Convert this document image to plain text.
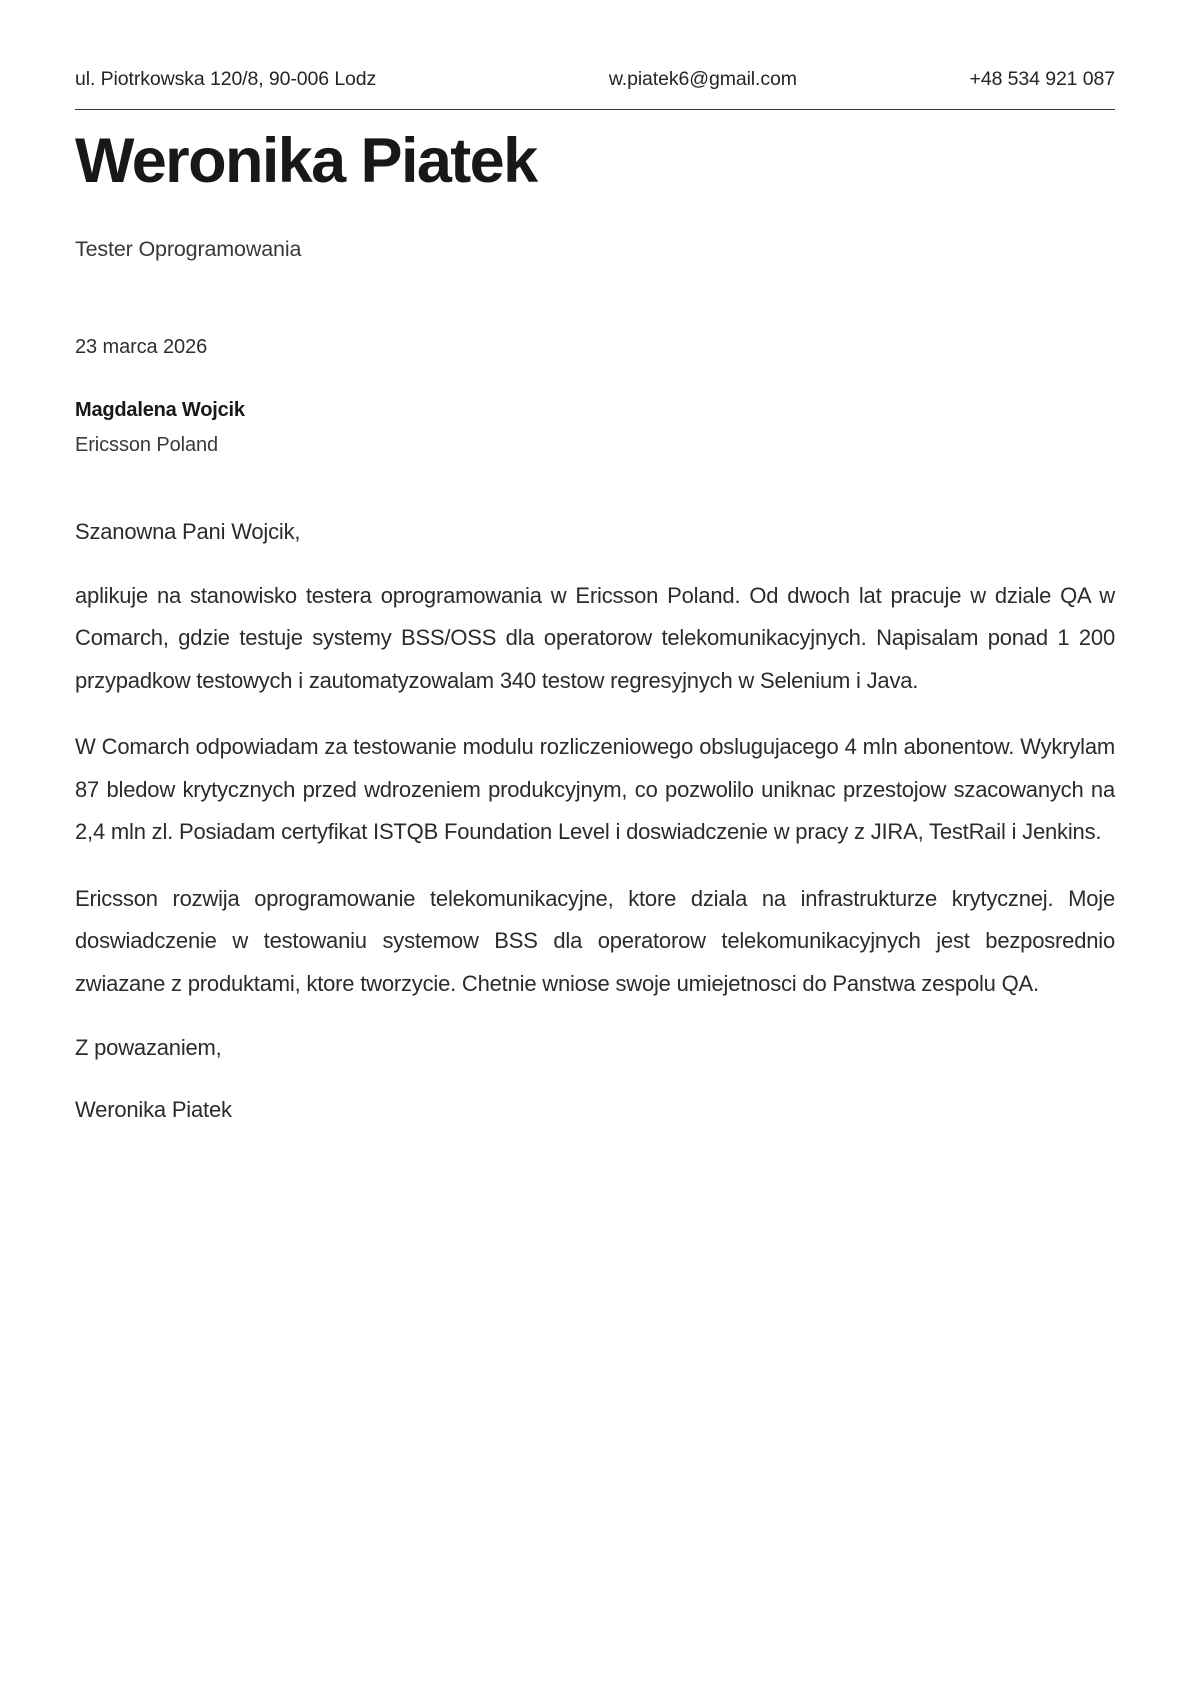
ul. Piotrkowska 120/8, 90-006 Lodz	w.piatek6@gmail.com	+48 534 921 087
Weronika Piatek
Tester Oprogramowania
23 marca 2026
Magdalena Wojcik
Ericsson Poland
Szanowna Pani Wojcik,

aplikuje na stanowisko testera oprogramowania w Ericsson Poland. Od dwoch lat pracuje w dziale QA w Comarch, gdzie testuje systemy BSS/OSS dla operatorow telekomunikacyjnych. Napisalam ponad 1 200 przypadkow testowych i zautomatyzowalam 340 testow regresyjnych w Selenium i Java.

W Comarch odpowiadam za testowanie modulu rozliczeniowego obslugujacego 4 mln abonentow. Wykrylam 87 bledow krytycznych przed wdrozeniem produkcyjnym, co pozwolilo uniknac przestojow szacowanych na 2,4 mln zl. Posiadam certyfikat ISTQB Foundation Level i doswiadczenie w pracy z JIRA, TestRail i Jenkins.

Ericsson rozwija oprogramowanie telekomunikacyjne, ktore dziala na infrastrukturze krytycznej. Moje doswiadczenie w testowaniu systemow BSS dla operatorow telekomunikacyjnych jest bezposrednio zwiazane z produktami, ktore tworzycie. Chetnie wniose swoje umiejetnosci do Panstwa zespolu QA.

Z powazaniem,
Weronika Piatek
